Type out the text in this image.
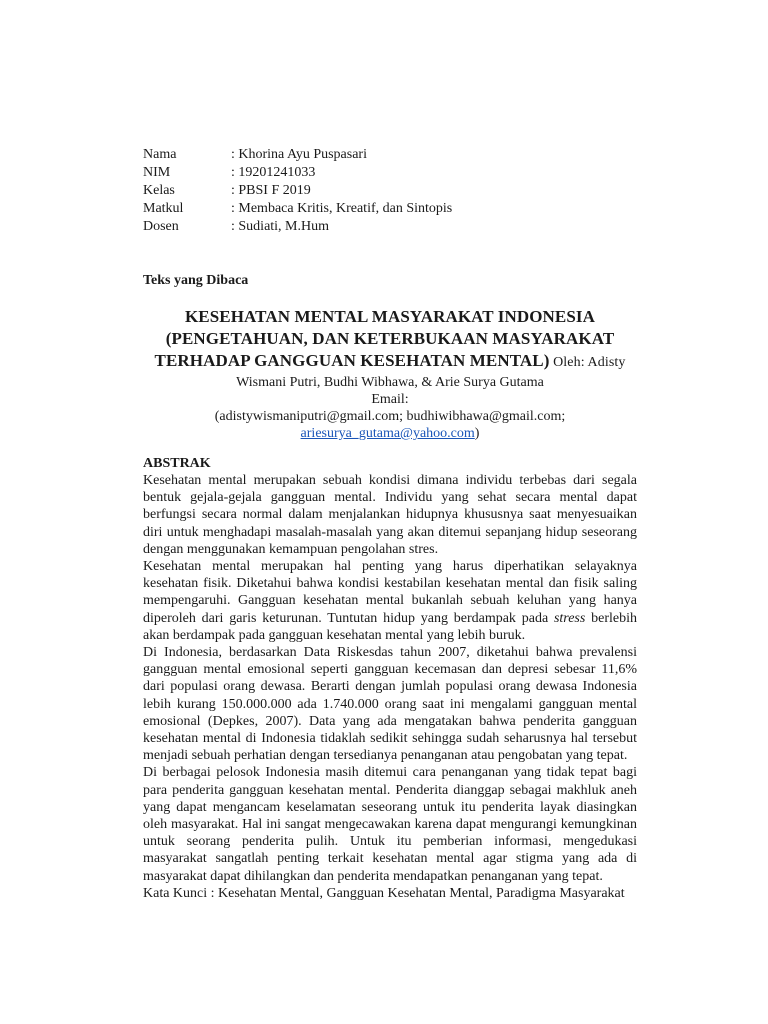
Nama	: Khorina Ayu Puspasari
NIM	: 19201241033
Kelas	: PBSI F 2019
Matkul	: Membaca Kritis, Kreatif, dan Sintopis
Dosen	: Sudiati, M.Hum
Teks yang Dibaca
KESEHATAN MENTAL MASYARAKAT INDONESIA
(PENGETAHUAN, DAN KETERBUKAAN MASYARAKAT
TERHADAP GANGGUAN KESEHATAN MENTAL) Oleh: Adisty
Wismani Putri, Budhi Wibhawa, & Arie Surya Gutama
Email:
(adistywismaniputri@gmail.com; budhiwibhawa@gmail.com;
ariesurya_gutama@yahoo.com)
ABSTRAK

Kesehatan mental merupakan sebuah kondisi dimana individu terbebas dari segala bentuk gejala-gejala gangguan mental. Individu yang sehat secara mental dapat berfungsi secara normal dalam menjalankan hidupnya khususnya saat menyesuaikan diri untuk menghadapi masalah-masalah yang akan ditemui sepanjang hidup seseorang dengan menggunakan kemampuan pengolahan stres.

Kesehatan mental merupakan hal penting yang harus diperhatikan selayaknya kesehatan fisik. Diketahui bahwa kondisi kestabilan kesehatan mental dan fisik saling mempengaruhi. Gangguan kesehatan mental bukanlah sebuah keluhan yang hanya diperoleh dari garis keturunan. Tuntutan hidup yang berdampak pada stress berlebih akan berdampak pada gangguan kesehatan mental yang lebih buruk.

Di Indonesia, berdasarkan Data Riskesdas tahun 2007, diketahui bahwa prevalensi gangguan mental emosional seperti gangguan kecemasan dan depresi sebesar 11,6% dari populasi orang dewasa. Berarti dengan jumlah populasi orang dewasa Indonesia lebih kurang 150.000.000 ada 1.740.000 orang saat ini mengalami gangguan mental emosional (Depkes, 2007). Data yang ada mengatakan bahwa penderita gangguan kesehatan mental di Indonesia tidaklah sedikit sehingga sudah seharusnya hal tersebut menjadi sebuah perhatian dengan tersedianya penanganan atau pengobatan yang tepat.

Di berbagai pelosok Indonesia masih ditemui cara penanganan yang tidak tepat bagi para penderita gangguan kesehatan mental. Penderita dianggap sebagai makhluk aneh yang dapat mengancam keselamatan seseorang untuk itu penderita layak diasingkan oleh masyarakat. Hal ini sangat mengecawakan karena dapat mengurangi kemungkinan untuk seorang penderita pulih. Untuk itu pemberian informasi, mengedukasi masyarakat sangatlah penting terkait kesehatan mental agar stigma yang ada di masyarakat dapat dihilangkan dan penderita mendapatkan penanganan yang tepat.

Kata Kunci : Kesehatan Mental, Gangguan Kesehatan Mental, Paradigma Masyarakat
